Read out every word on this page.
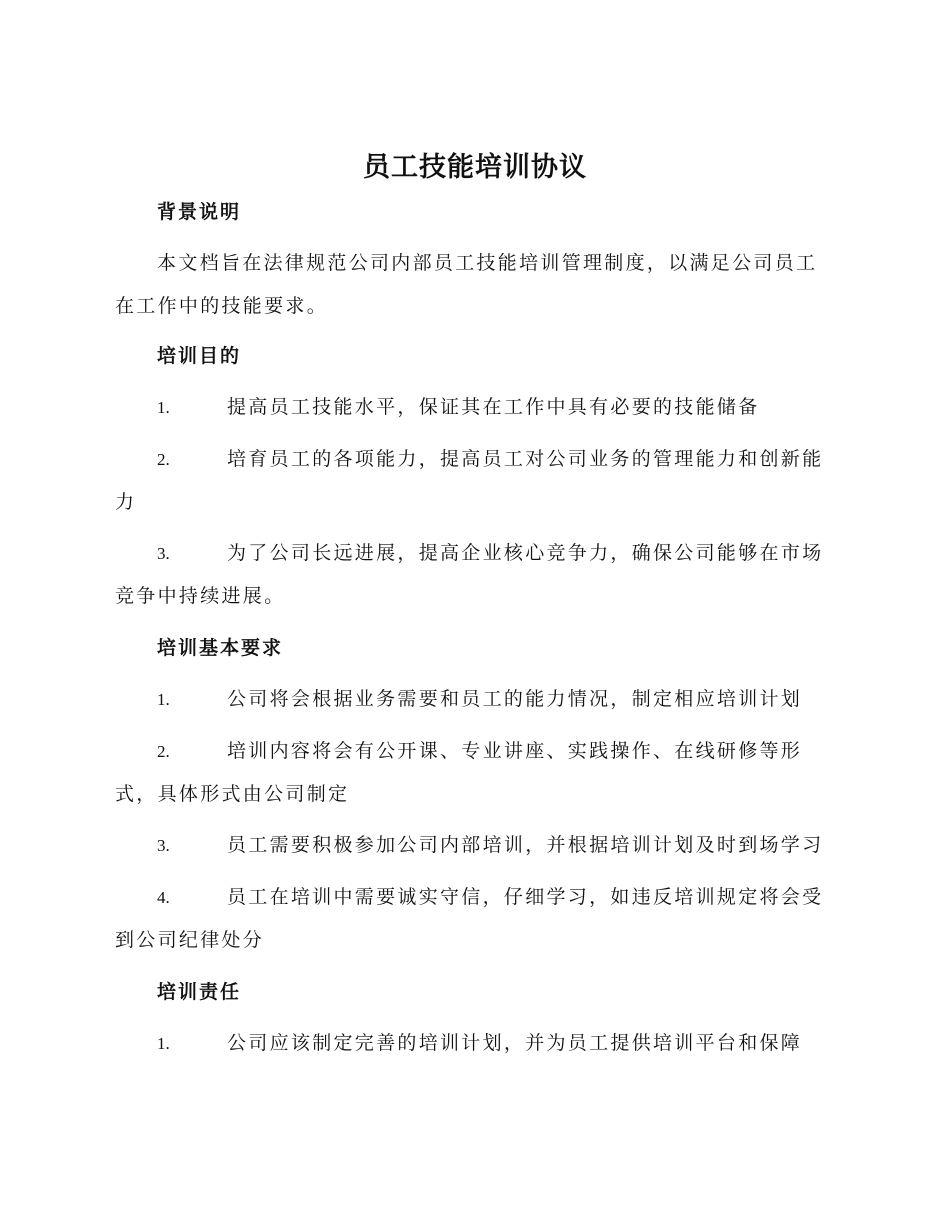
员工技能培训协议
背景说明
本文档旨在法律规范公司内部员工技能培训管理制度，以满足公司员工在工作中的技能要求。
培训目的
1.	提高员工技能水平，保证其在工作中具有必要的技能储备
2.	培育员工的各项能力，提高员工对公司业务的管理能力和创新能力
3.	为了公司长远进展，提高企业核心竞争力，确保公司能够在市场竞争中持续进展。
培训基本要求
1.	公司将会根据业务需要和员工的能力情况，制定相应培训计划
2.	培训内容将会有公开课、专业讲座、实践操作、在线研修等形式，具体形式由公司制定
3.	员工需要积极参加公司内部培训，并根据培训计划及时到场学习
4.	员工在培训中需要诚实守信，仔细学习，如违反培训规定将会受到公司纪律处分
培训责任
1.	公司应该制定完善的培训计划，并为员工提供培训平台和保障
